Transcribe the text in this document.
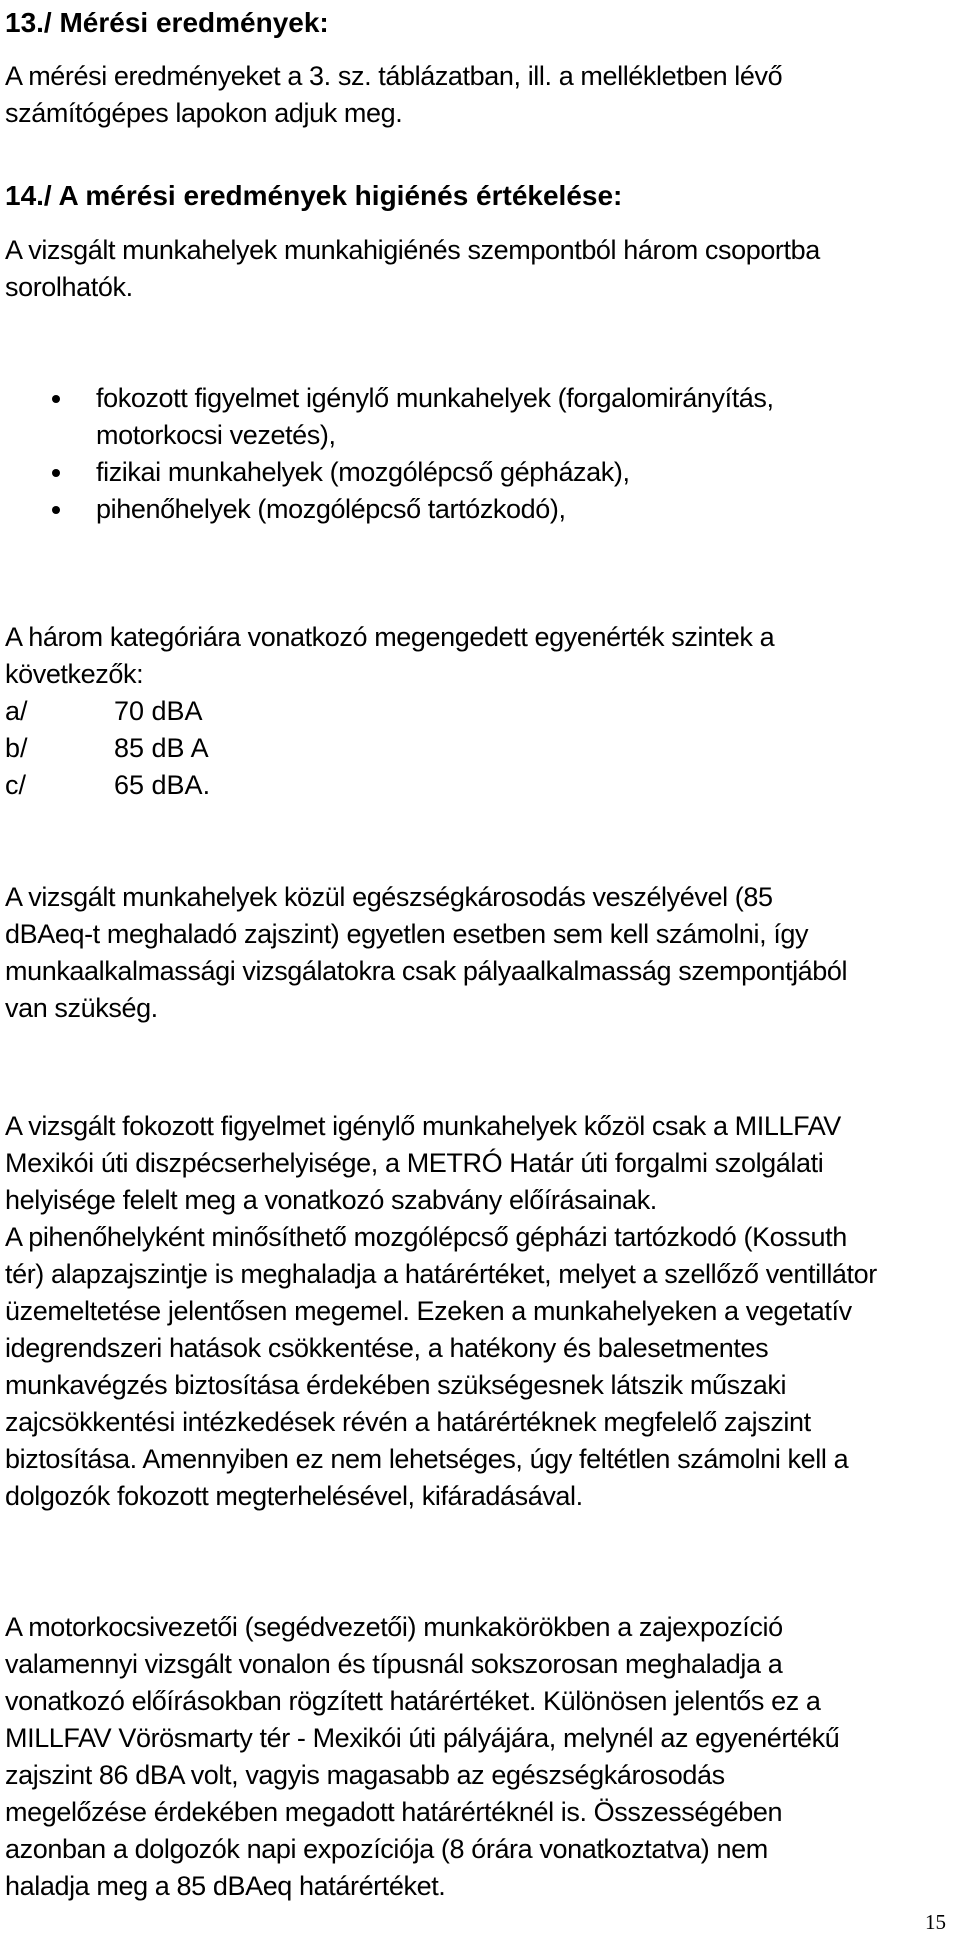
13./ Mérési eredmények:
A mérési eredményeket a 3. sz. táblázatban, ill. a mellékletben lévő
számítógépes lapokon adjuk meg.
14./ A mérési eredmények higiénés értékelése:
A vizsgált munkahelyek munkahigiénés szempontból három csoportba
sorolhatók.
fokozott figyelmet igénylő munkahelyek (forgalomirányítás,
motorkocsi vezetés),
fizikai munkahelyek (mozgólépcső gépházak),
pihenőhelyek (mozgólépcső tartózkodó),
A három kategóriára vonatkozó megengedett egyenérték szintek a
következők:
a/	70 dBA
b/	85 dB A
c/	65 dBA.
A vizsgált munkahelyek közül egészségkárosodás veszélyével (85
dBAeq-t meghaladó zajszint) egyetlen esetben sem kell számolni, így
munkaalkalmassági vizsgálatokra csak pályaalkalmasság szempontjából
van szükség.
A vizsgált fokozott figyelmet igénylő munkahelyek kőzöl csak a MILLFAV
Mexikói úti diszpécserhelyisége, a METRÓ Határ úti forgalmi szolgálati
helyisége felelt meg a vonatkozó szabvány előírásainak.
A pihenőhelyként minősíthető mozgólépcső gépházi tartózkodó (Kossuth
tér) alapzajszintje is meghaladja a határértéket, melyet a szellőző ventillátor
üzemeltetése jelentősen megemel. Ezeken a munkahelyeken a vegetatív
idegrendszeri hatások csökkentése, a hatékony és balesetmentes
munkavégzés biztosítása érdekében szükségesnek látszik műszaki
zajcsökkentési intézkedések révén a határértéknek megfelelő zajszint
biztosítása. Amennyiben ez nem lehetséges, úgy feltétlen számolni kell a
dolgozók fokozott megterhelésével, kifáradásával.
A motorkocsivezetői (segédvezetői) munkakörökben a zajexpozíció
valamennyi vizsgált vonalon és típusnál sokszorosan meghaladja a
vonatkozó előírásokban rögzített határértéket. Különösen jelentős ez a
MILLFAV Vörösmarty tér - Mexikói úti pályájára, melynél az egyenértékű
zajszint 86 dBA volt, vagyis magasabb az egészségkárosodás
megelőzése érdekében megadott határértéknél is. Összességében
azonban a dolgozók napi expozíciója (8 órára vonatkoztatva) nem
haladja meg a 85 dBAeq határértéket.
15
